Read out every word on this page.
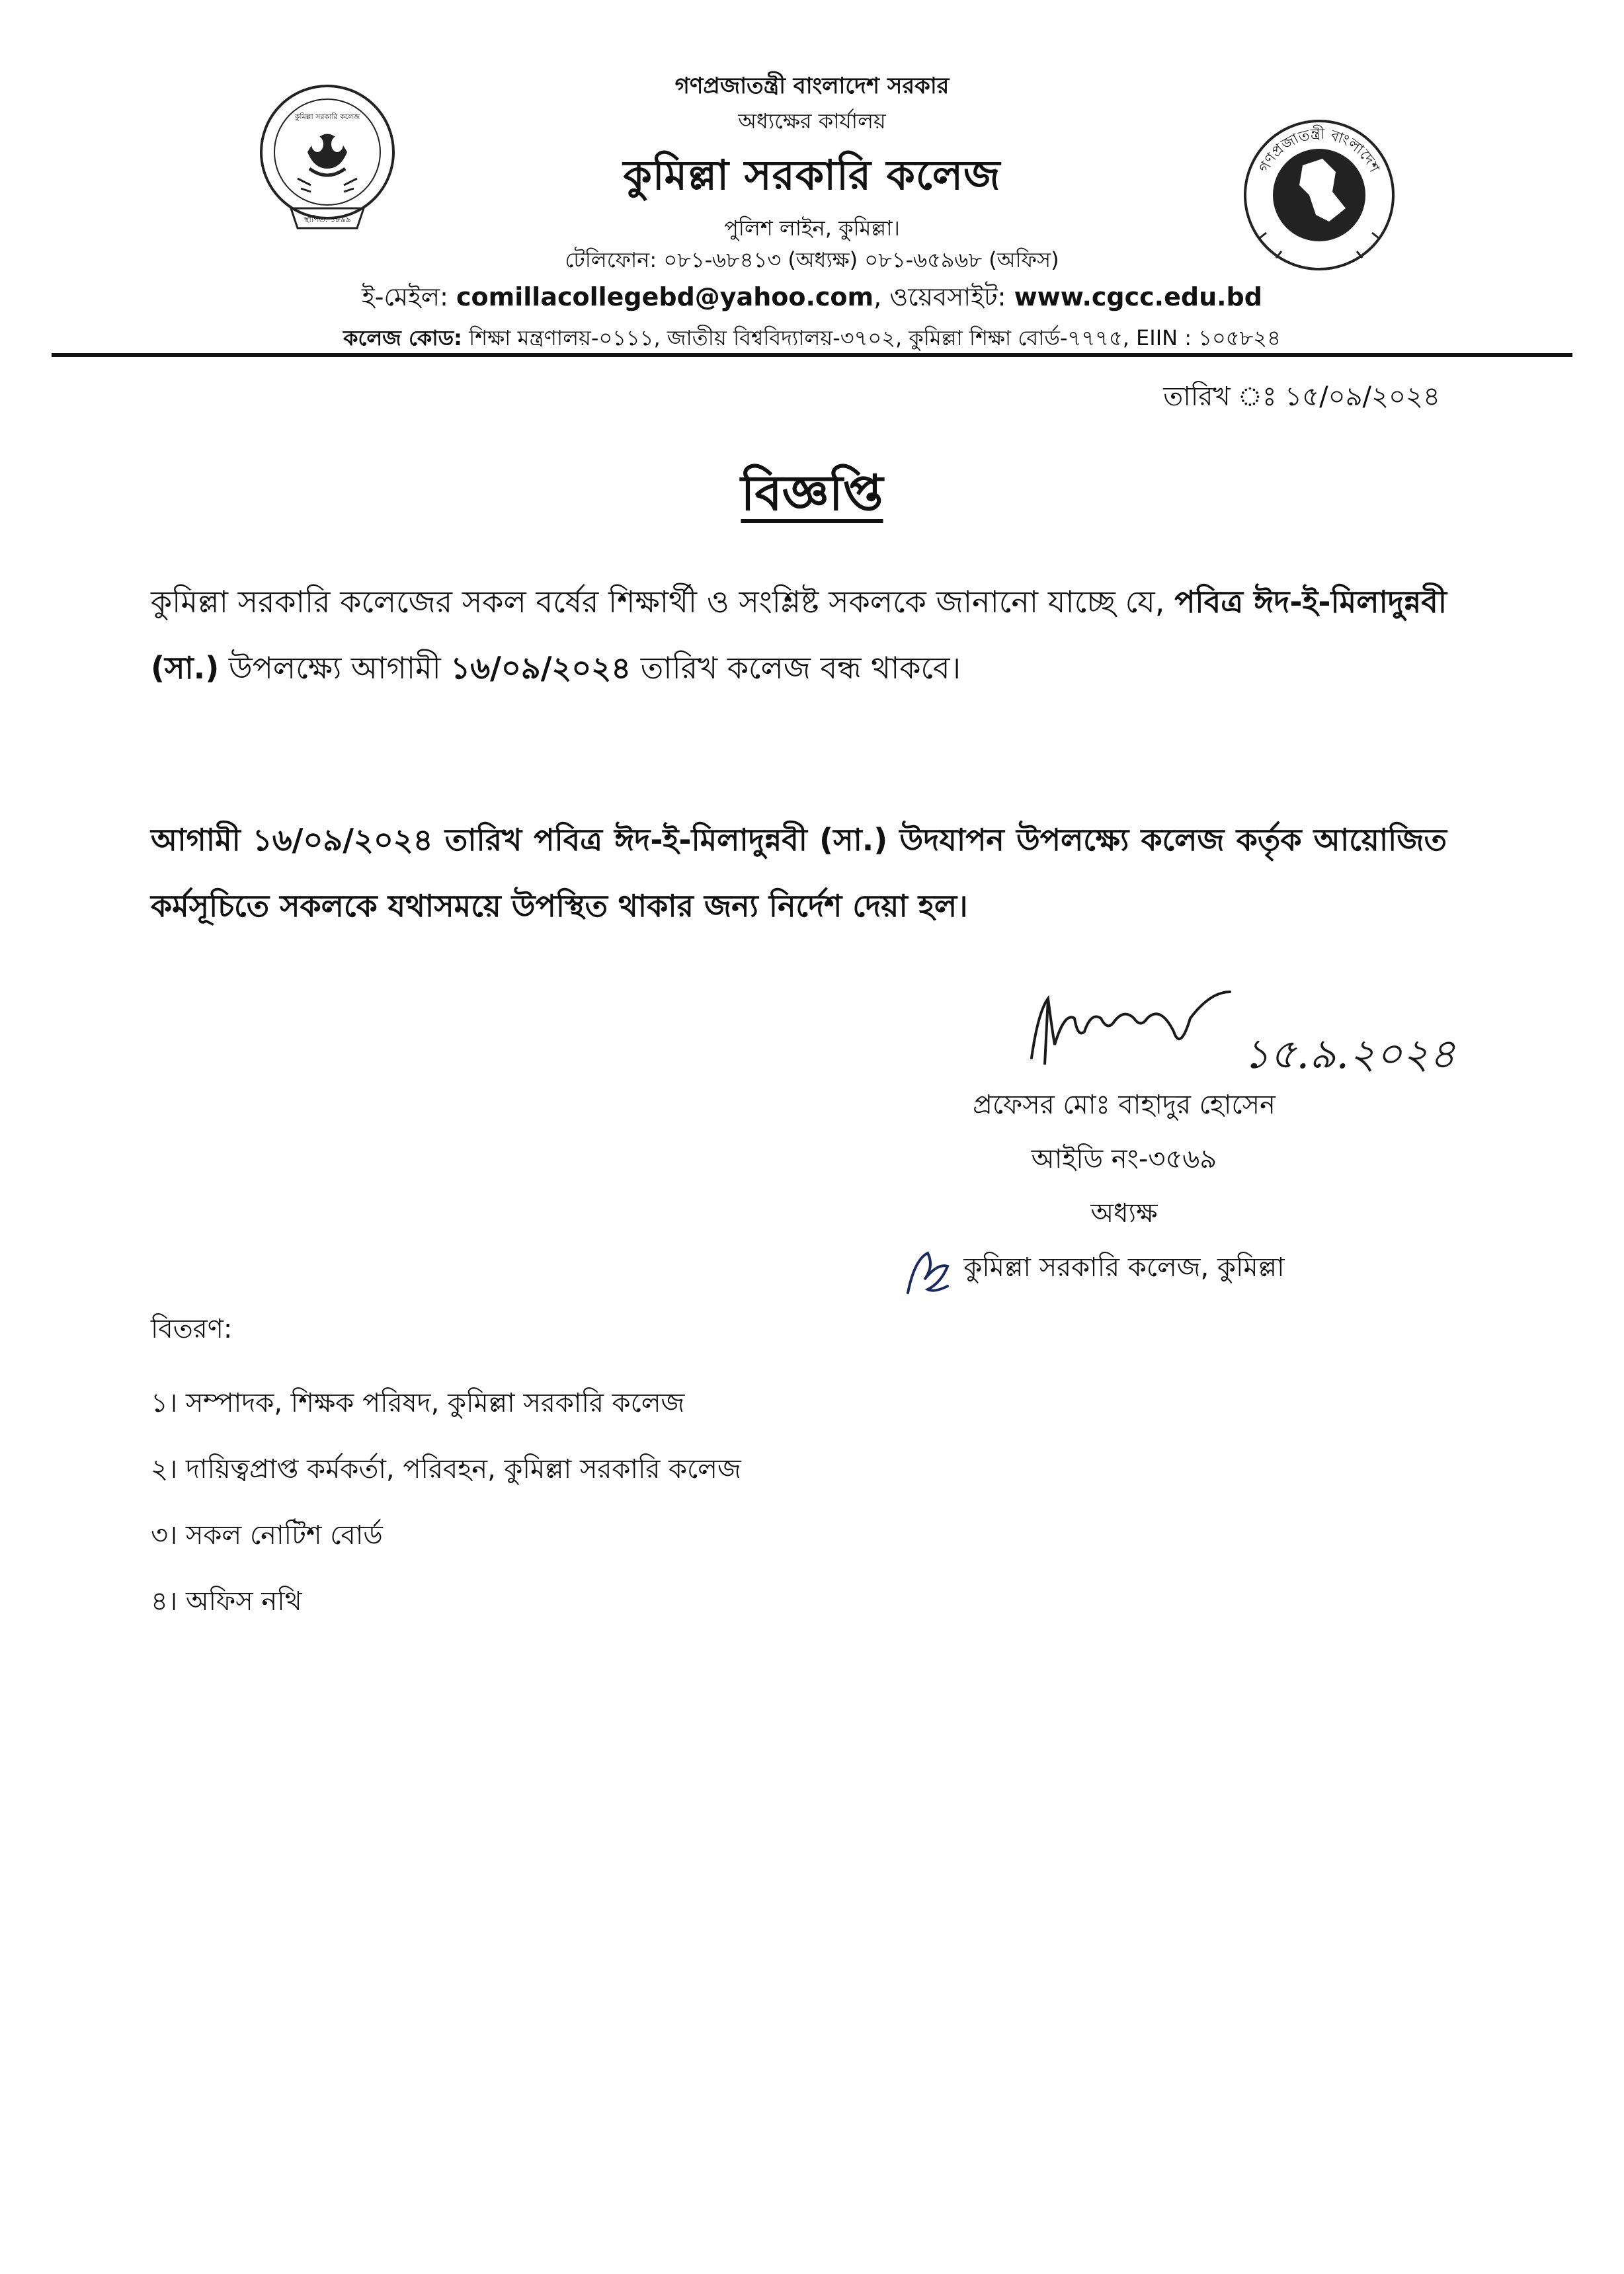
কুমিল্লা সরকারি কলেজ
স্থাপিত: ১৮৯৯
গণপ্রজাতন্ত্রী বাংলাদেশ
গণপ্রজাতন্ত্রী বাংলাদেশ সরকার
অধ্যক্ষের কার্যালয়
কুমিল্লা সরকারি কলেজ
পুলিশ লাইন, কুমিল্লা।
টেলিফোন: ০৮১-৬৮৪১৩ (অধ্যক্ষ) ০৮১-৬৫৯৬৮ (অফিস)
ই-মেইল: comillacollegebd@yahoo.com, ওয়েবসাইট: www.cgcc.edu.bd
কলেজ কোড: শিক্ষা মন্ত্রণালয়-০১১১, জাতীয় বিশ্ববিদ্যালয়-৩৭০২, কুমিল্লা শিক্ষা বোর্ড-৭৭৭৫, EIIN : ১০৫৮২৪
তারিখ ঃ ১৫/০৯/২০২৪
বিজ্ঞপ্তি
কুমিল্লা সরকারি কলেজের সকল বর্ষের শিক্ষার্থী ও সংশ্লিষ্ট সকলকে জানানো যাচ্ছে যে, পবিত্র ঈদ-ই-মিলাদুন্নবী (সা.) উপলক্ষ্যে আগামী ১৬/০৯/২০২৪ তারিখ কলেজ বন্ধ থাকবে।
আগামী ১৬/০৯/২০২৪ তারিখ পবিত্র ঈদ-ই-মিলাদুন্নবী (সা.) উদযাপন উপলক্ষ্যে কলেজ কর্তৃক আয়োজিত কর্মসূচিতে সকলকে যথাসময়ে উপস্থিত থাকার জন্য নির্দেশ দেয়া হল।
১৫.৯.২০২৪
প্রফেসর মোঃ বাহাদুর হোসেন
আইডি নং-৩৫৬৯
অধ্যক্ষ
কুমিল্লা সরকারি কলেজ, কুমিল্লা
বিতরণ:
১। সম্পাদক, শিক্ষক পরিষদ, কুমিল্লা সরকারি কলেজ
২। দায়িত্বপ্রাপ্ত কর্মকর্তা, পরিবহন, কুমিল্লা সরকারি কলেজ
৩। সকল নোটিশ বোর্ড
৪। অফিস নথি
